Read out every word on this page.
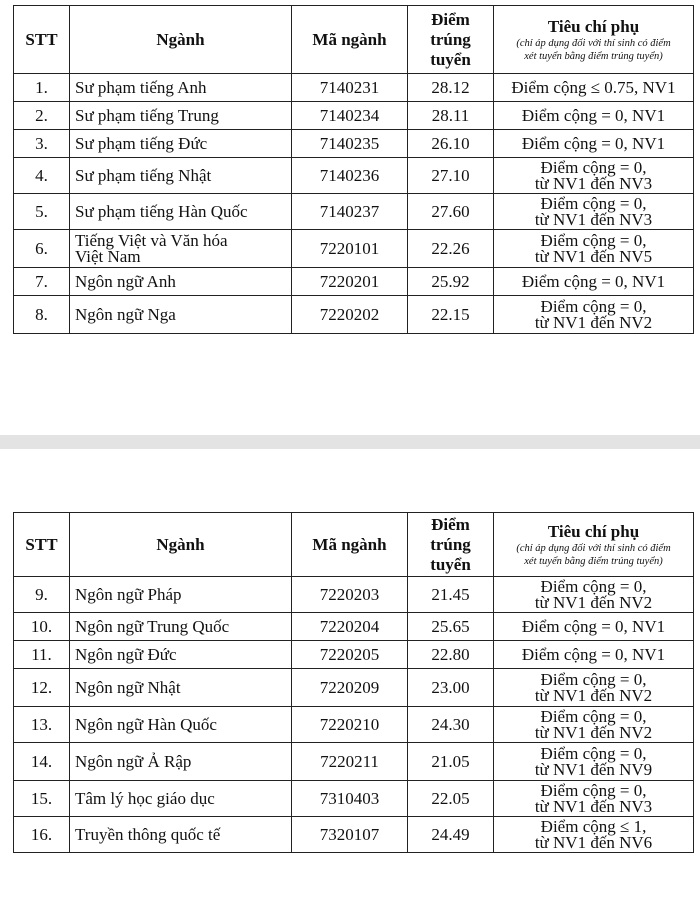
STT	Ngành	Mã ngành	Điểm
trúng
tuyển	Tiêu chí phụ
(chỉ áp dụng đối với thí sinh có điểm
xét tuyển bằng điểm trúng tuyển)

1.	Sư phạm tiếng Anh	7140231	28.12	Điểm cộng ≤ 0.75, NV1

2.	Sư phạm tiếng Trung	7140234	28.11	Điểm cộng = 0, NV1

3.	Sư phạm tiếng Đức	7140235	26.10	Điểm cộng = 0, NV1

4.	Sư phạm tiếng Nhật	7140236	27.10	Điểm cộng = 0,
từ NV1 đến NV3

5.	Sư phạm tiếng Hàn Quốc	7140237	27.60	Điểm cộng = 0,
từ NV1 đến NV3

6.	Tiếng Việt và Văn hóa
Việt Nam	7220101	22.26	Điểm cộng = 0,
từ NV1 đến NV5

7.	Ngôn ngữ Anh	7220201	25.92	Điểm cộng = 0, NV1

8.	Ngôn ngữ Nga	7220202	22.15	Điểm cộng = 0,
từ NV1 đến NV2
STT	Ngành	Mã ngành	Điểm
trúng
tuyển	Tiêu chí phụ
(chỉ áp dụng đối với thí sinh có điểm
xét tuyển bằng điểm trúng tuyển)

9.	Ngôn ngữ Pháp	7220203	21.45	Điểm cộng = 0,
từ NV1 đến NV2

10.	Ngôn ngữ Trung Quốc	7220204	25.65	Điểm cộng = 0, NV1

11.	Ngôn ngữ Đức	7220205	22.80	Điểm cộng = 0, NV1

12.	Ngôn ngữ Nhật	7220209	23.00	Điểm cộng = 0,
từ NV1 đến NV2

13.	Ngôn ngữ Hàn Quốc	7220210	24.30	Điểm cộng = 0,
từ NV1 đến NV2

14.	Ngôn ngữ Ả Rập	7220211	21.05	Điểm cộng = 0,
từ NV1 đến NV9

15.	Tâm lý học giáo dục	7310403	22.05	Điểm cộng = 0,
từ NV1 đến NV3

16.	Truyền thông quốc tế	7320107	24.49	Điểm cộng ≤ 1,
từ NV1 đến NV6
